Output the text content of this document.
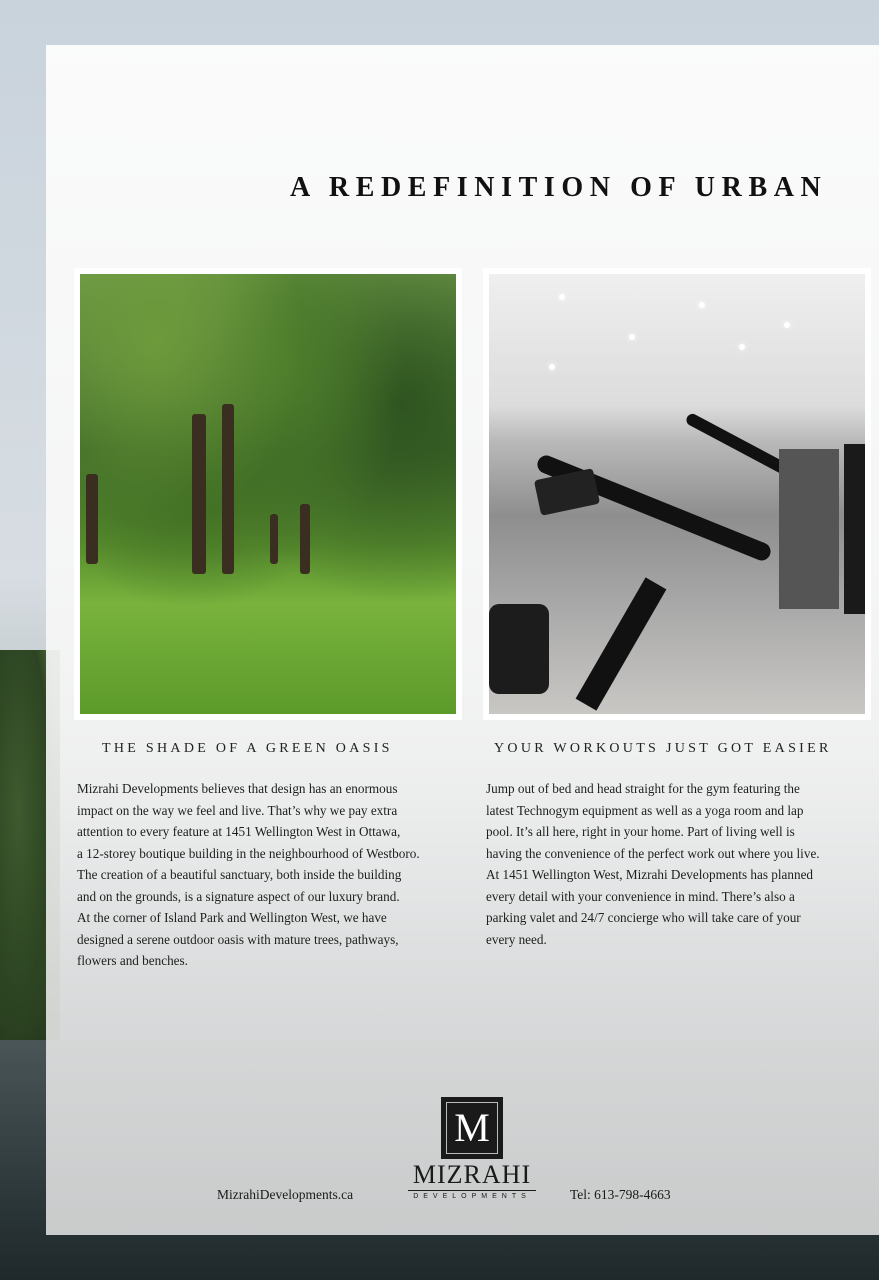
A REDEFINITION OF URBAN
THE SHADE OF A GREEN OASIS	YOUR WORKOUTS JUST GOT EASIER

Mizrahi Developments believes that design has an enormous

impact on the way we feel and live. That’s why we pay extra

attention to every feature at 1451 Wellington West in Ottawa,

a 12-storey boutique building in the neighbourhood of Westboro.

The creation of a beautiful sanctuary, both inside the building

and on the grounds, is a signature aspect of our luxury brand.

At the corner of Island Park and Wellington West, we have

designed a serene outdoor oasis with mature trees, pathways,

flowers and benches.

Jump out of bed and head straight for the gym featuring the

latest Technogym equipment as well as a yoga room and lap

pool. It’s all here, right in your home. Part of living well is

having the convenience of the perfect work out where you live.

At 1451 Wellington West, Mizrahi Developments has planned

every detail with your convenience in mind. There’s also a

parking valet and 24/7 concierge who will take care of your

every need.

M
MIZRAHI
DEVELOPMENTS
MizrahiDevelopments.ca	Tel: 613-798-4663
